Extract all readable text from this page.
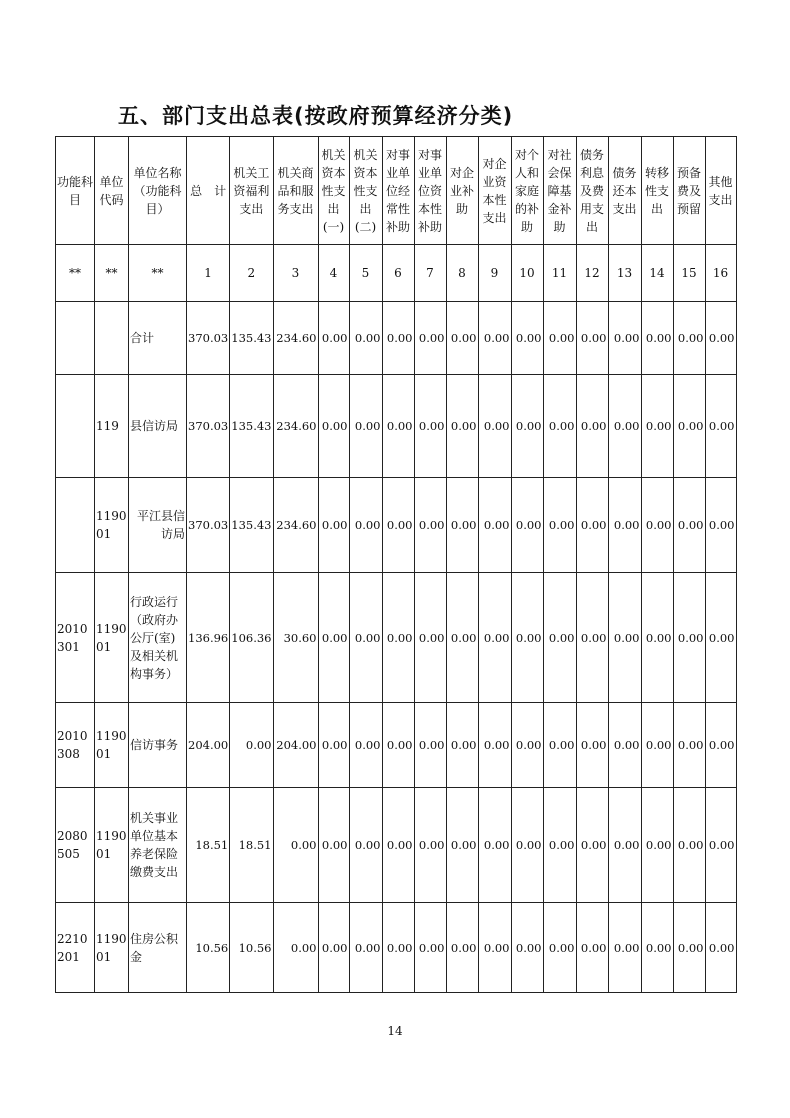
五、部门支出总表(按政府预算经济分类)
功能科目	单位代码	单位名称（功能科目）	总　计	机关工资福利支出	机关商品和服务支出	机关资本性支出(一)	机关资本性支出(二)	对事业单位经常性补助	对事业单位资本性补助	对企业补助	对企业资本性支出	对个人和家庭的补助	对社会保障基金补助	债务利息及费用支出	债务还本支出	转移性支出	预备费及预留	其他支出
**	**	**	1	2	3	4	5	6	7	8	9	10	11	12	13	14	15	16
		合计	370.03	135.43	234.60	0.00	0.00	0.00	0.00	0.00	0.00	0.00	0.00	0.00	0.00	0.00	0.00	0.00
	119	县信访局	370.03	135.43	234.60	0.00	0.00	0.00	0.00	0.00	0.00	0.00	0.00	0.00	0.00	0.00	0.00	0.00
	119001	平江县信访局	370.03	135.43	234.60	0.00	0.00	0.00	0.00	0.00	0.00	0.00	0.00	0.00	0.00	0.00	0.00	0.00
2010301	119001	行政运行（政府办公厅(室)及相关机构事务）	136.96	106.36	30.60	0.00	0.00	0.00	0.00	0.00	0.00	0.00	0.00	0.00	0.00	0.00	0.00	0.00
2010308	119001	信访事务	204.00	0.00	204.00	0.00	0.00	0.00	0.00	0.00	0.00	0.00	0.00	0.00	0.00	0.00	0.00	0.00
2080505	119001	机关事业单位基本养老保险缴费支出	18.51	18.51	0.00	0.00	0.00	0.00	0.00	0.00	0.00	0.00	0.00	0.00	0.00	0.00	0.00	0.00
2210201	119001	住房公积金	10.56	10.56	0.00	0.00	0.00	0.00	0.00	0.00	0.00	0.00	0.00	0.00	0.00	0.00	0.00	0.00
14
